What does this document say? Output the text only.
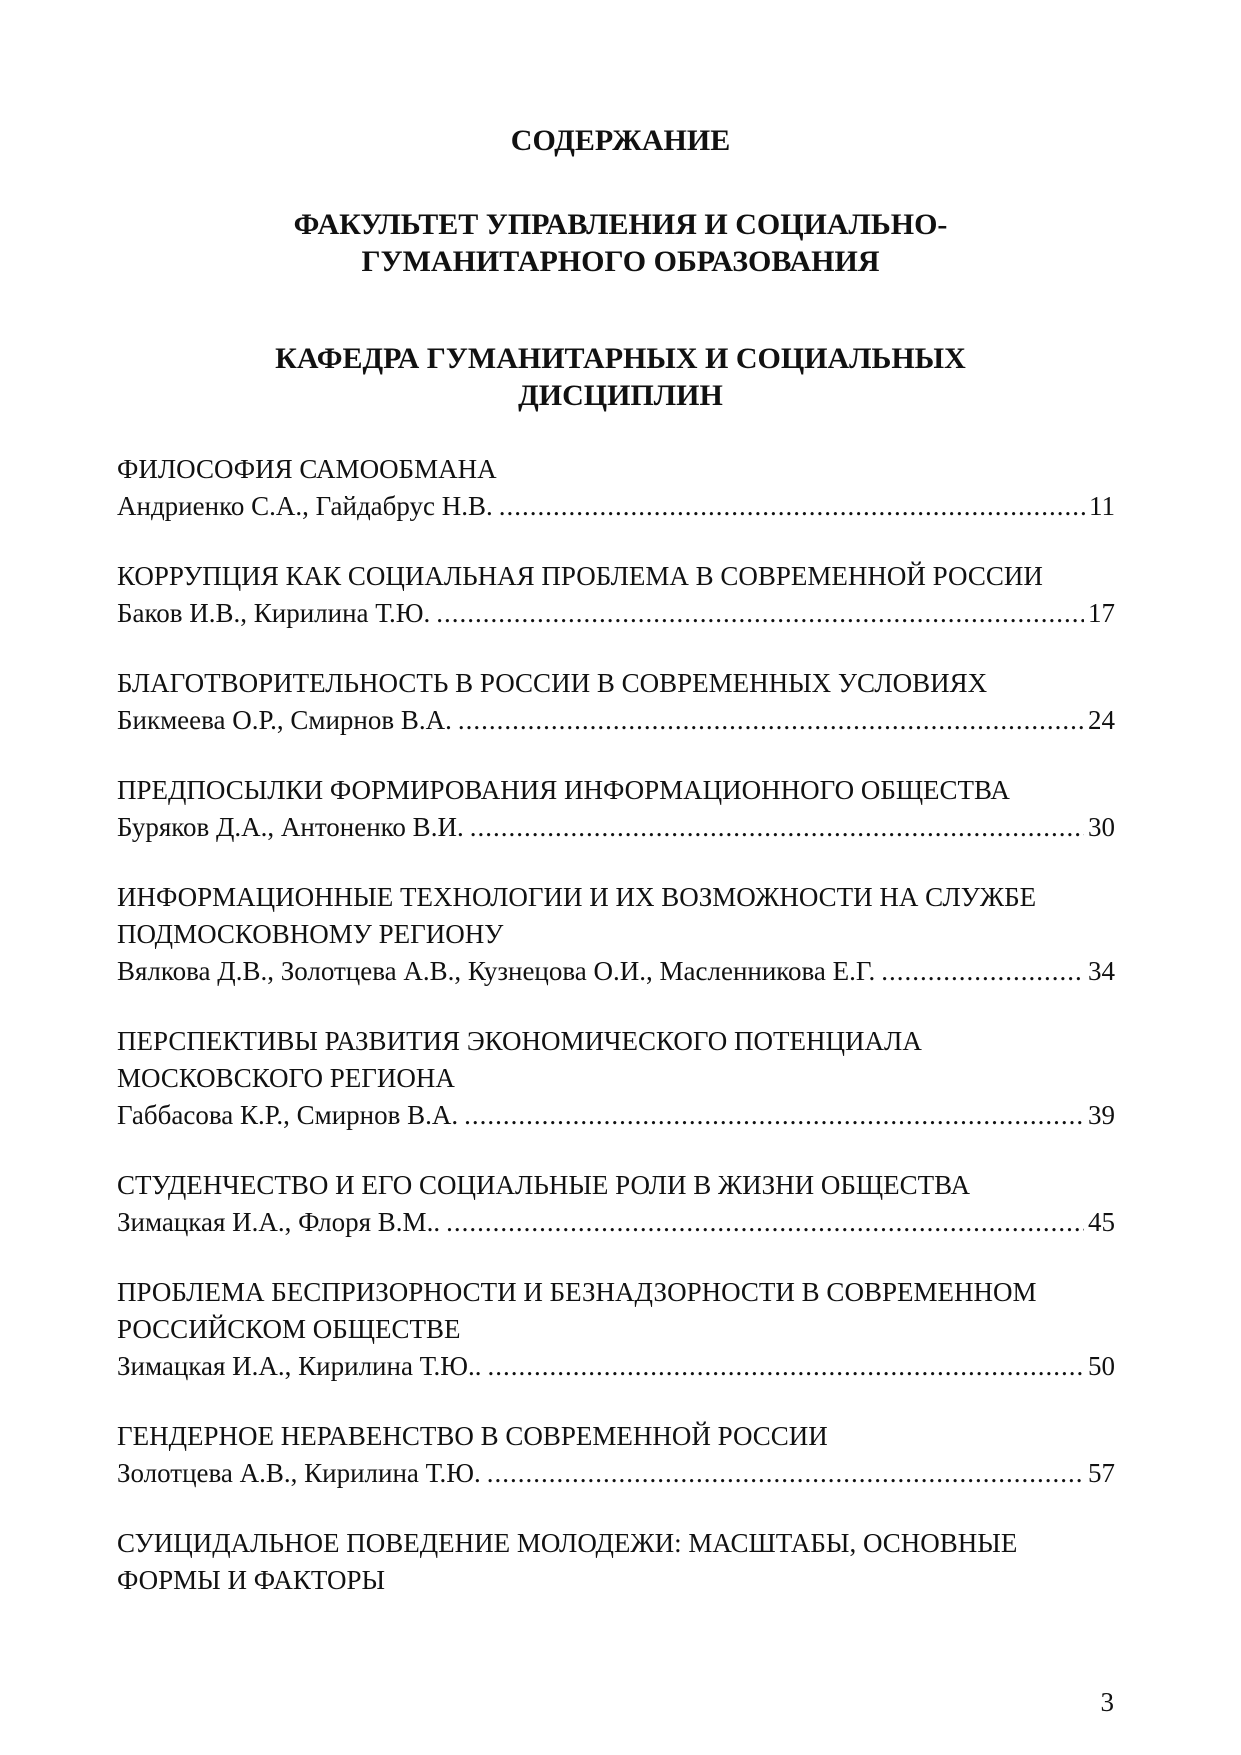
СОДЕРЖАНИЕ
ФАКУЛЬТЕТ УПРАВЛЕНИЯ И СОЦИАЛЬНО-
ГУМАНИТАРНОГО ОБРАЗОВАНИЯ
КАФЕДРА ГУМАНИТАРНЫХ И СОЦИАЛЬНЫХ
ДИСЦИПЛИН
ФИЛОСОФИЯ САМООБМАНА
Андриенко С.А., Гайдабрус Н.В. .....	11
КОРРУПЦИЯ КАК СОЦИАЛЬНАЯ ПРОБЛЕМА В СОВРЕМЕННОЙ РОССИИ
Баков И.В., Кирилина Т.Ю. .....	17
БЛАГОТВОРИТЕЛЬНОСТЬ В РОССИИ В СОВРЕМЕННЫХ УСЛОВИЯХ
Бикмеева О.Р., Смирнов В.А. .....	24
ПРЕДПОСЫЛКИ ФОРМИРОВАНИЯ ИНФОРМАЦИОННОГО ОБЩЕСТВА
Буряков Д.А., Антоненко В.И. .....	30
ИНФОРМАЦИОННЫЕ ТЕХНОЛОГИИ И ИХ ВОЗМОЖНОСТИ НА СЛУЖБЕ
ПОДМОСКОВНОМУ РЕГИОНУ
Вялкова Д.В., Золотцева А.В., Кузнецова О.И., Масленникова Е.Г. .....	34
ПЕРСПЕКТИВЫ РАЗВИТИЯ ЭКОНОМИЧЕСКОГО ПОТЕНЦИАЛА
МОСКОВСКОГО РЕГИОНА
Габбасова К.Р., Смирнов В.А. .....	39
СТУДЕНЧЕСТВО И ЕГО СОЦИАЛЬНЫЕ РОЛИ В ЖИЗНИ ОБЩЕСТВА
Зимацкая И.А., Флоря В.М.. .....	45
ПРОБЛЕМА БЕСПРИЗОРНОСТИ И БЕЗНАДЗОРНОСТИ В СОВРЕМЕННОМ
РОССИЙСКОМ ОБЩЕСТВЕ
Зимацкая И.А., Кирилина Т.Ю.. .....	50
ГЕНДЕРНОЕ НЕРАВЕНСТВО В СОВРЕМЕННОЙ РОССИИ
Золотцева А.В., Кирилина Т.Ю. .....	57
СУИЦИДАЛЬНОЕ ПОВЕДЕНИЕ МОЛОДЕЖИ: МАСШТАБЫ, ОСНОВНЫЕ
ФОРМЫ И ФАКТОРЫ
3
